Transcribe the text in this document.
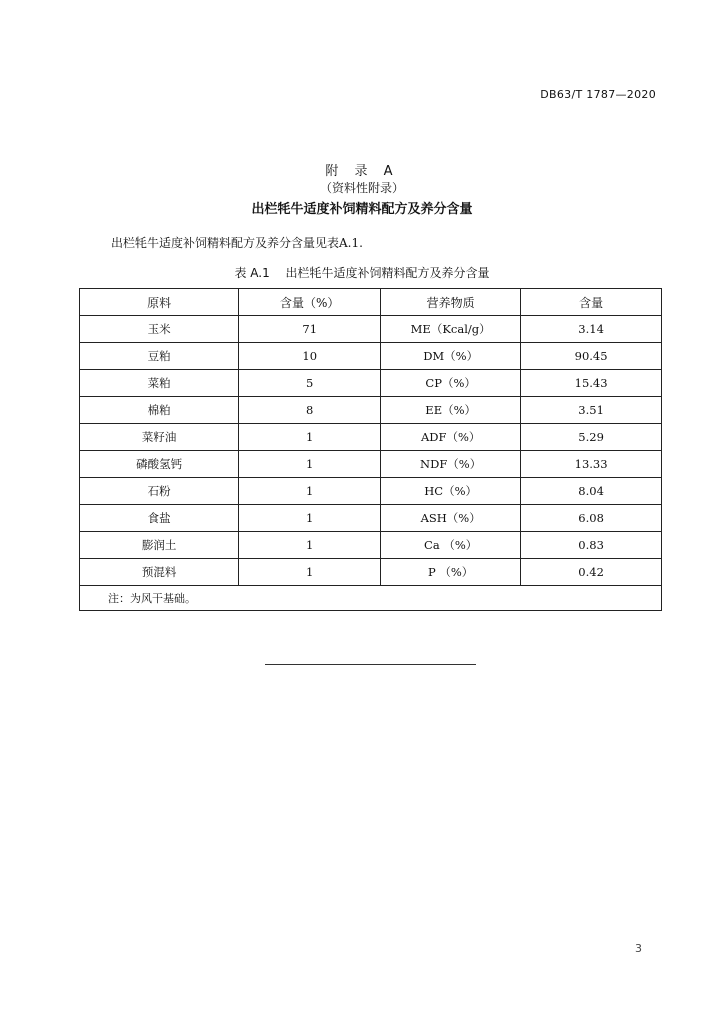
DB63/T 1787—2020
附 录 A
（资料性附录）
出栏牦牛适度补饲精料配方及养分含量
出栏牦牛适度补饲精料配方及养分含量见表A.1.
表 A.1 出栏牦牛适度补饲精料配方及养分含量
原料	含量（%）	营养物质	含量
玉米	71	ME（Kcal/g）	3.14
豆粕	10	DM（%）	90.45
菜粕	5	CP（%）	15.43
棉粕	8	EE（%）	3.51
菜籽油	1	ADF（%）	5.29
磷酸氢钙	1	NDF（%）	13.33
石粉	1	HC（%）	8.04
食盐	1	ASH（%）	6.08
膨润土	1	Ca （%）	0.83
预混料	1	P （%）	0.42
注：为风干基础。			
3
